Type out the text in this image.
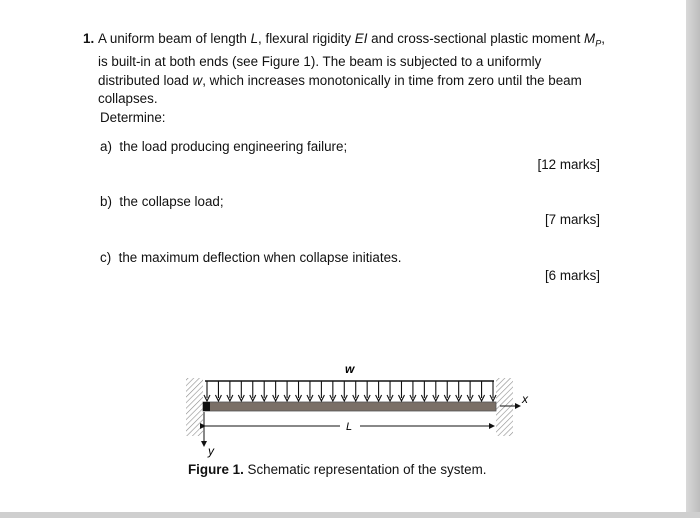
1. A uniform beam of length L, flexural rigidity EI and cross-sectional plastic moment $M_P$, is built-in at both ends (see Figure 1). The beam is subjected to a uniformly distributed load w, which increases monotonically in time from zero until the beam collapses.
Determine:
a) the load producing engineering failure;
[12 marks]
b) the collapse load;
[7 marks]
c) the maximum deflection when collapse initiates.
[6 marks]
w
L
x
y
Figure 1. Schematic representation of the system.
